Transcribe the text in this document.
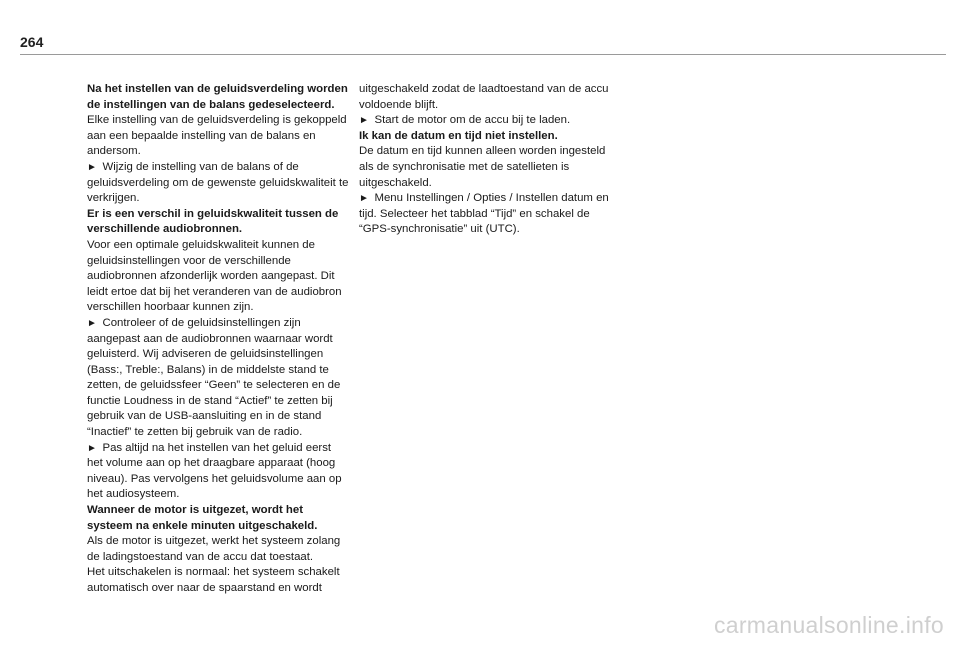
264

Na het instellen van de geluidsverdeling worden de instellingen van de balans gedeselecteerd.

Elke instelling van de geluidsverdeling is gekoppeld aan een bepaalde instelling van de balans en andersom.

►  Wijzig de instelling van de balans of de geluidsverdeling om de gewenste geluidskwaliteit te verkrijgen.

Er is een verschil in geluidskwaliteit tussen de verschillende audiobronnen.

Voor een optimale geluidskwaliteit kunnen de geluidsinstellingen voor de verschillende audiobronnen afzonderlijk worden aangepast. Dit leidt ertoe dat bij het veranderen van de audiobron verschillen hoorbaar kunnen zijn.

►  Controleer of de geluidsinstellingen zijn aangepast aan de audiobronnen waarnaar wordt geluisterd. Wij adviseren de geluidsinstellingen (Bass:, Treble:, Balans) in de middelste stand te zetten, de geluidssfeer “Geen” te selecteren en de functie Loudness in de stand “Actief” te zetten bij gebruik van de USB-aansluiting en in de stand “Inactief” te zetten bij gebruik van de radio.

►  Pas altijd na het instellen van het geluid eerst het volume aan op het draagbare apparaat (hoog niveau). Pas vervolgens het geluidsvolume aan op het audiosysteem.

Wanneer de motor is uitgezet, wordt het systeem na enkele minuten uitgeschakeld.

Als de motor is uitgezet, werkt het systeem zolang de ladingstoestand van de accu dat toestaat.

Het uitschakelen is normaal: het systeem schakelt automatisch over naar de spaarstand en wordt

uitgeschakeld zodat de laadtoestand van de accu voldoende blijft.

►  Start de motor om de accu bij te laden.

Ik kan de datum en tijd niet instellen.

De datum en tijd kunnen alleen worden ingesteld als de synchronisatie met de satellieten is uitgeschakeld.

►  Menu Instellingen / Opties / Instellen datum en tijd. Selecteer het tabblad “Tijd” en schakel de “GPS-synchronisatie” uit (UTC).

carmanualsonline.info
